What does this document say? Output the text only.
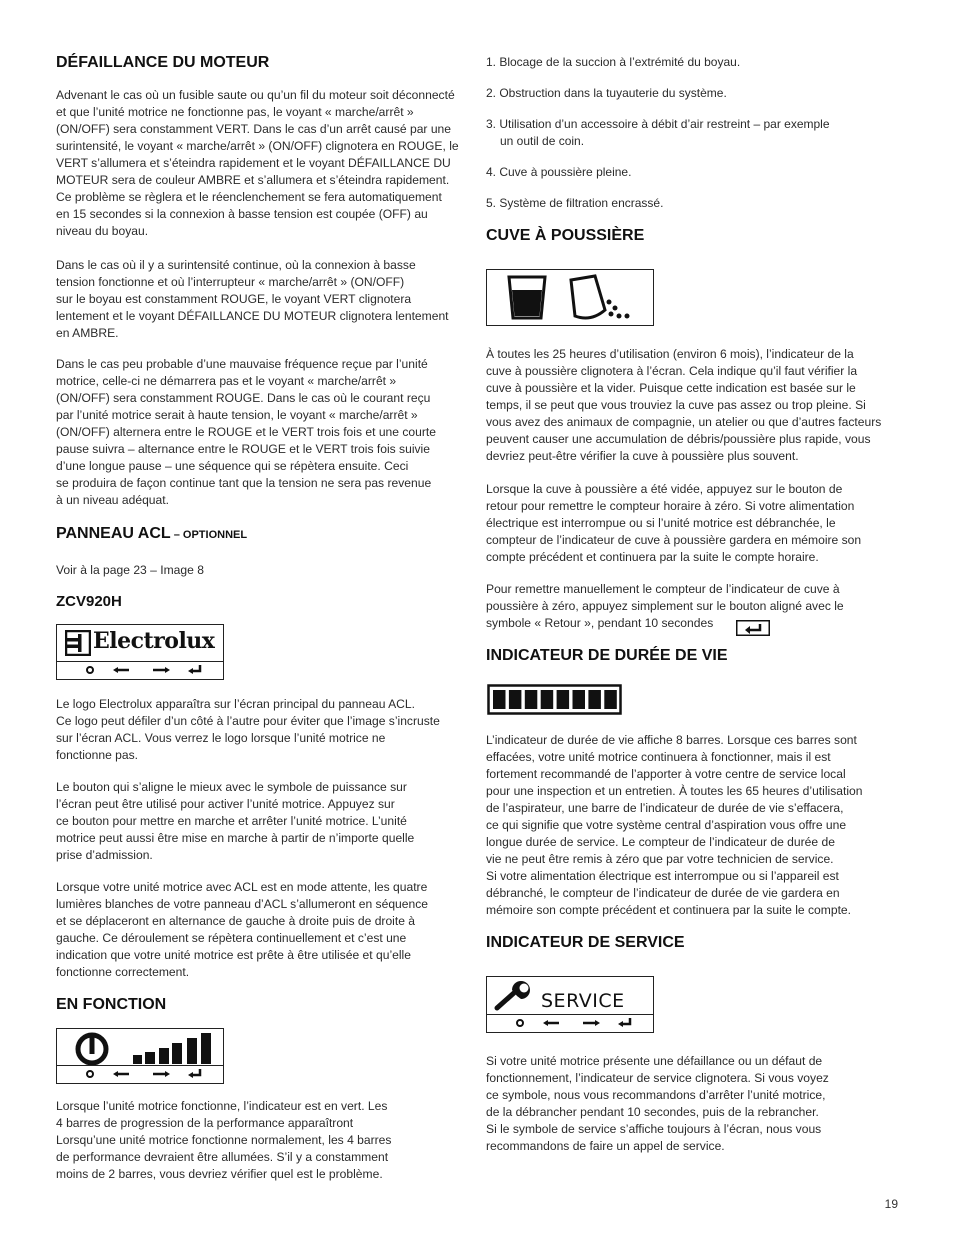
DÉFAILLANCE DU MOTEUR

Advenant le cas où un fusible saute ou qu’un fil du moteur soit déconnecté
et que l’unité motrice ne fonctionne pas, le voyant « marche/arrêt »
(ON/OFF) sera constamment VERT. Dans le cas d’un arrêt causé par une
surintensité, le voyant « marche/arrêt » (ON/OFF) clignotera en ROUGE, le
VERT s’allumera et s’éteindra rapidement et le voyant DÉFAILLANCE DU
MOTEUR sera de couleur AMBRE et s’allumera et s’éteindra rapidement.
Ce problème se règlera et le réenclenchement se fera automatiquement
en 15 secondes si la connexion à basse tension est coupée (OFF) au
niveau du boyau.

Dans le cas où il y a surintensité continue, où la connexion à basse
tension fonctionne et où l’interrupteur « marche/arrêt » (ON/OFF)
sur le boyau est constamment ROUGE, le voyant VERT clignotera
lentement et le voyant DÉFAILLANCE DU MOTEUR clignotera lentement
en AMBRE.

Dans le cas peu probable d’une mauvaise fréquence reçue par l’unité
motrice, celle-ci ne démarrera pas et le voyant « marche/arrêt »
(ON/OFF) sera constamment ROUGE. Dans le cas où le courant reçu
par l’unité motrice serait à haute tension, le voyant « marche/arrêt »
(ON/OFF) alternera entre le ROUGE et le VERT trois fois et une courte
pause suivra – alternance entre le ROUGE et le VERT trois fois suivie
d’une longue pause – une séquence qui se répètera ensuite. Ceci
se produira de façon continue tant que la tension ne sera pas revenue
à un niveau adéquat.

PANNEAU ACL – OPTIONNEL

Voir à la page 23 – Image 8

ZCV920H
Electrolux

Le logo Electrolux apparaîtra sur l’écran principal du panneau ACL.
Ce logo peut défiler d’un côté à l’autre pour éviter que l’image s’incruste
sur l’écran ACL. Vous verrez le logo lorsque l’unité motrice ne
fonctionne pas.

Le bouton qui s’aligne le mieux avec le symbole de puissance sur
l’écran peut être utilisé pour activer l’unité motrice. Appuyez sur
ce bouton pour mettre en marche et arrêter l’unité motrice. L’unité
motrice peut aussi être mise en marche à partir de n’importe quelle
prise d’admission.

Lorsque votre unité motrice avec ACL est en mode attente, les quatre
lumières blanches de votre panneau d’ACL s’allumeront en séquence
et se déplaceront en alternance de gauche à droite puis de droite à
gauche. Ce déroulement se répètera continuellement et c’est une
indication que votre unité motrice est prête à être utilisée et qu’elle
fonctionne correctement.

EN FONCTION

Lorsque l’unité motrice fonctionne, l’indicateur est en vert. Les
4 barres de progression de la performance apparaîtront
Lorsqu’une unité motrice fonctionne normalement, les 4 barres
de performance devraient être allumées. S’il y a constamment
moins de 2 barres, vous devriez vérifier quel est le problème.

1. Blocage de la succion à l’extrémité du boyau.
2. Obstruction dans la tuyauterie du système.
3. Utilisation d’un accessoire à débit d’air restreint – par exemple
un outil de coin.
4. Cuve à poussière pleine.
5. Système de filtration encrassé.
CUVE À POUSSIÈRE

À toutes les 25 heures d’utilisation (environ 6 mois), l’indicateur de la
cuve à poussière clignotera à l’écran. Cela indique qu’il faut vérifier la
cuve à poussière et la vider. Puisque cette indication est basée sur le
temps, il se peut que vous trouviez la cuve pas assez ou trop pleine. Si
vous avez des animaux de compagnie, un atelier ou que d’autres facteurs
peuvent causer une accumulation de débris/poussière plus rapide, vous
devriez peut-être vérifier la cuve à poussière plus souvent.

Lorsque la cuve à poussière a été vidée, appuyez sur le bouton de
retour pour remettre le compteur horaire à zéro. Si votre alimentation
électrique est interrompue ou si l’unité motrice est débranchée, le
compteur de l’indicateur de cuve à poussière gardera en mémoire son
compte précédent et continuera par la suite le compte horaire.

Pour remettre manuellement le compteur de l’indicateur de cuve à
poussière à zéro, appuyez simplement sur le bouton aligné avec le
symbole « Retour », pendant 10 secondes

INDICATEUR DE DURÉE DE VIE

L’indicateur de durée de vie affiche 8 barres. Lorsque ces barres sont
effacées, votre unité motrice continuera à fonctionner, mais il est
fortement recommandé de l’apporter à votre centre de service local
pour une inspection et un entretien. À toutes les 65 heures d’utilisation
de l’aspirateur, une barre de l’indicateur de durée de vie s’effacera,
ce qui signifie que votre système central d’aspiration vous offre une
longue durée de service. Le compteur de l’indicateur de durée de
vie ne peut être remis à zéro que par votre technicien de service.
Si votre alimentation électrique est interrompue ou si l’appareil est
débranché, le compteur de l’indicateur de durée de vie gardera en
mémoire son compte précédent et continuera par la suite le compte.

INDICATEUR DE SERVICE
SERVICE

Si votre unité motrice présente une défaillance ou un défaut de
fonctionnement, l’indicateur de service clignotera. Si vous voyez
ce symbole, nous vous recommandons d’arrêter l’unité motrice,
de la débrancher pendant 10 secondes, puis de la rebrancher.
Si le symbole de service s’affiche toujours à l’écran, nous vous
recommandons de faire un appel de service.

19
